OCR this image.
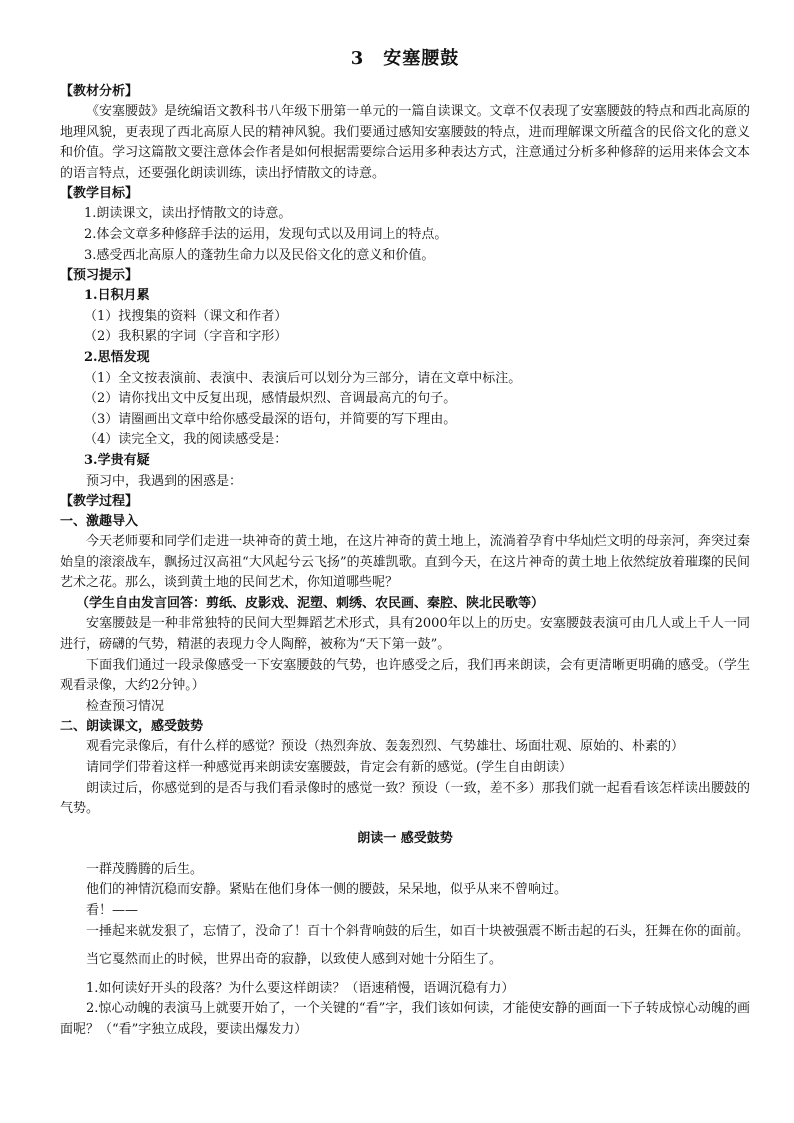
3　安塞腰鼓
【教材分析】

《安塞腰鼓》是统编语文教科书八年级下册第一单元的一篇自读课文。文章不仅表现了安塞腰鼓的特点和西北高原的地理风貌，更表现了西北高原人民的精神风貌。我们要通过感知安塞腰鼓的特点，进而理解课文所蕴含的民俗文化的意义和价值。学习这篇散文要注意体会作者是如何根据需要综合运用多种表达方式，注意通过分析多种修辞的运用来体会文本的语言特点，还要强化朗读训练，读出抒情散文的诗意。

【教学目标】

1.朗读课文，读出抒情散文的诗意。

2.体会文章多种修辞手法的运用，发现句式以及用词上的特点。

3.感受西北高原人的蓬勃生命力以及民俗文化的意义和价值。

【预习提示】

1.日积月累

（1）找搜集的资料（课文和作者）

（2）我积累的字词（字音和字形）

2.思悟发现

（1）全文按表演前、表演中、表演后可以划分为三部分，请在文章中标注。

（2）请你找出文中反复出现，感情最炽烈、音调最高亢的句子。

（3）请圈画出文章中给你感受最深的语句，并简要的写下理由。

（4）读完全文，我的阅读感受是：

3.学贵有疑

预习中，我遇到的困惑是：

【教学过程】
一、激趣导入

今天老师要和同学们走进一块神奇的黄土地，在这片神奇的黄土地上，流淌着孕育中华灿烂文明的母亲河，奔突过秦始皇的滚滚战车，飘扬过汉高祖“大风起兮云飞扬”的英雄凯歌。直到今天，在这片神奇的黄土地上依然绽放着璀璨的民间艺术之花。那么，谈到黄土地的民间艺术，你知道哪些呢？

（学生自由发言回答：剪纸、皮影戏、泥塑、刺绣、农民画、秦腔、陕北民歌等）

安塞腰鼓是一种非常独特的民间大型舞蹈艺术形式，具有2000年以上的历史。安塞腰鼓表演可由几人或上千人一同进行，磅礴的气势，精湛的表现力令人陶醉，被称为“天下第一鼓”。

下面我们通过一段录像感受一下安塞腰鼓的气势，也许感受之后，我们再来朗读，会有更清晰更明确的感受。（学生观看录像，大约2分钟。）

检查预习情况

二、朗读课文，感受鼓势

观看完录像后，有什么样的感觉？预设（热烈奔放、轰轰烈烈、气势雄壮、场面壮观、原始的、朴素的）

请同学们带着这样一种感觉再来朗读安塞腰鼓，肯定会有新的感觉。(学生自由朗读）

朗读过后，你感觉到的是否与我们看录像时的感觉一致？预设（一致，差不多）那我们就一起看看该怎样读出腰鼓的气势。

朗读一 感受鼓势

一群茂腾腾的后生。

他们的神情沉稳而安静。紧贴在他们身体一侧的腰鼓，呆呆地，似乎从来不曾响过。

看！——

一捶起来就发狠了，忘情了，没命了！百十个斜背响鼓的后生，如百十块被强震不断击起的石头，狂舞在你的面前。

当它戛然而止的时候，世界出奇的寂静，以致使人感到对她十分陌生了。

1.如何读好开头的段落？为什么要这样朗读？（语速稍慢，语调沉稳有力）

2.惊心动魄的表演马上就要开始了，一个关键的“看”字，我们该如何读，才能使安静的画面一下子转成惊心动魄的画面呢？（“看”字独立成段，要读出爆发力）
